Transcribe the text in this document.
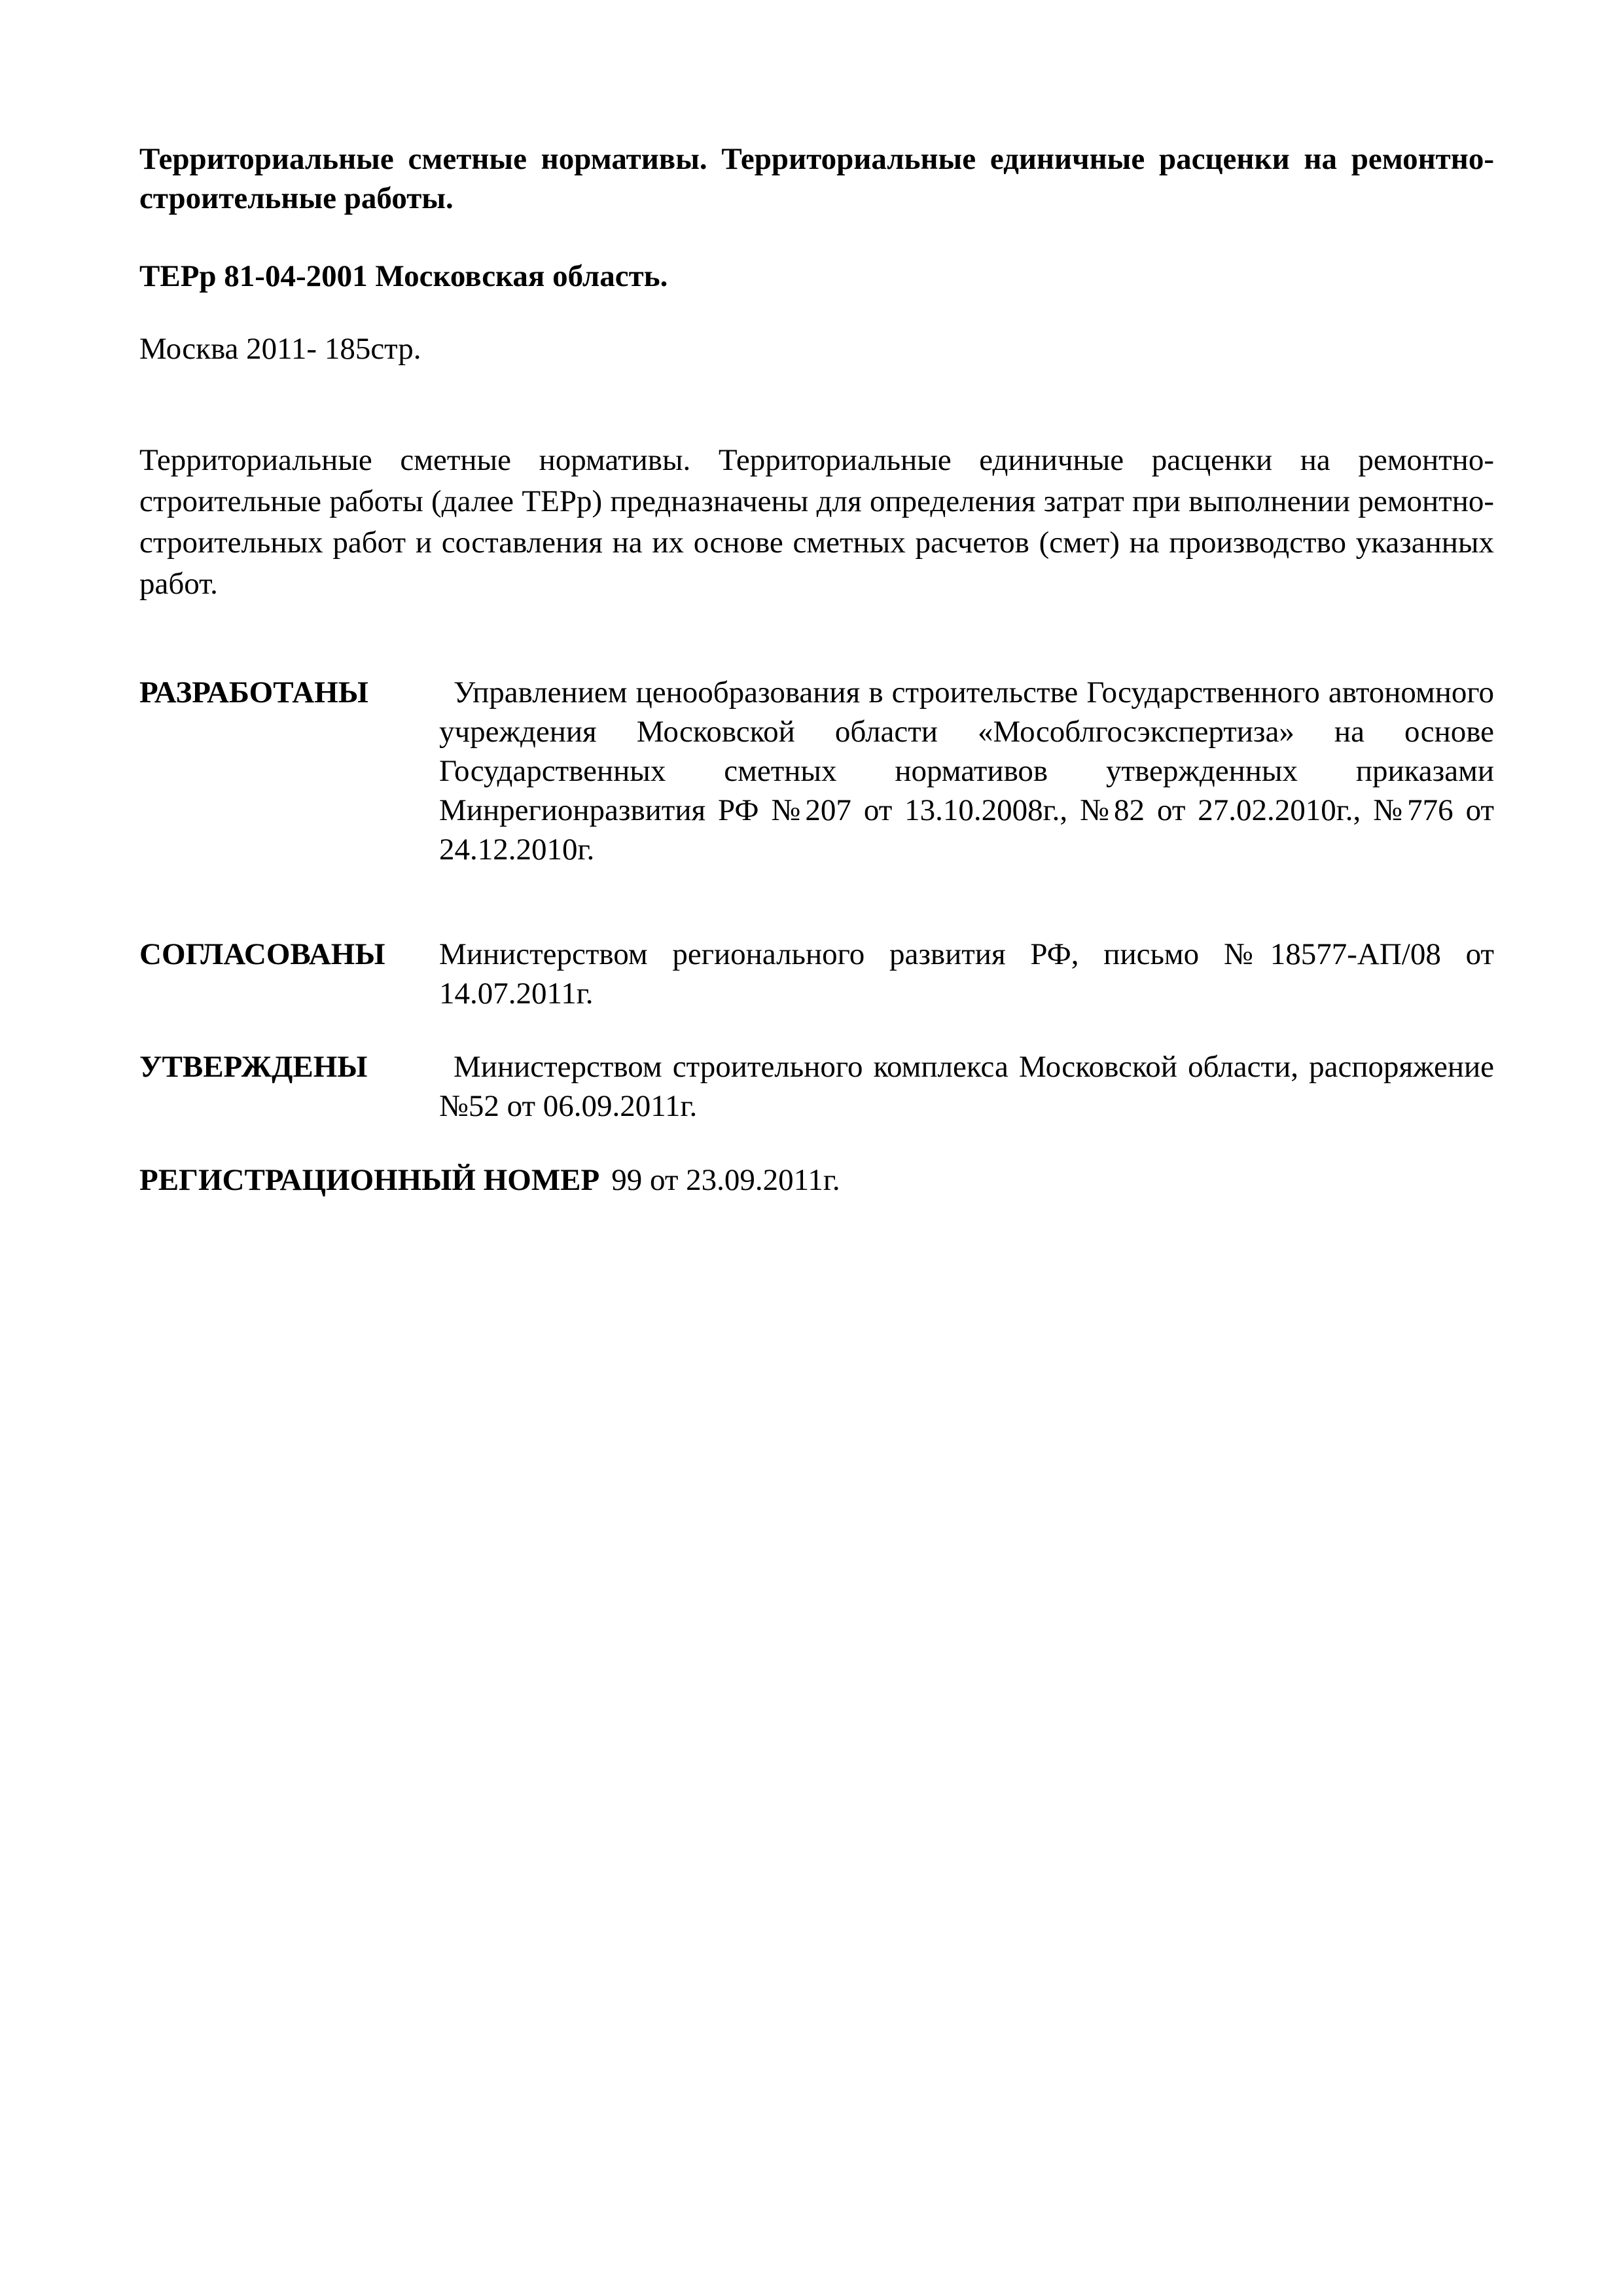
Территориальные сметные нормативы. Территориальные единичные расценки на ремонтно-строительные работы.
ТЕРр 81-04-2001 Московская область.
Москва 2011- 185стр.
Территориальные сметные нормативы. Территориальные единичные расценки на ремонтно-строительные работы (далее ТЕРр) предназначены для определения затрат при выполнении ремонтно-строительных работ и составления на их основе сметных расчетов (смет) на производство указанных работ.
РАЗРАБОТАНЫ	Управлением ценообразования в строительстве Государственного автономного учреждения Московской области «Мособлгосэкспертиза» на основе Государственных сметных нормативов утвержденных приказами Минрегионразвития РФ №207 от 13.10.2008г., №82 от 27.02.2010г., №776 от 24.12.2010г.
СОГЛАСОВАНЫ Министерством регионального развития РФ, письмо №18577-АП/08 от 14.07.2011г.
УТВЕРЖДЕНЫ	Министерством строительного комплекса Московской области, распоряжение №52 от 06.09.2011г.
РЕГИСТРАЦИОННЫЙ НОМЕР 99 от 23.09.2011г.
